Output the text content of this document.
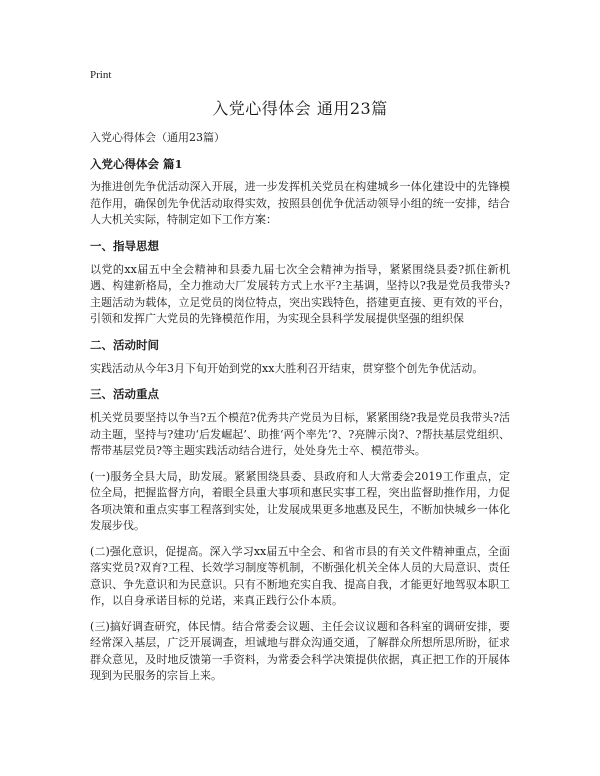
Print
入党心得体会 通用23篇

入党心得体会（通用23篇）

入党心得体会 篇1

为推进创先争优活动深入开展，进一步发挥机关党员在构建城乡一体化建设中的先锋模范作用，确保创先争优活动取得实效，按照县创优争优活动领导小组的统一安排，结合人大机关实际，特制定如下工作方案：

一、指导思想

以党的xx届五中全会精神和县委九届七次全会精神为指导，紧紧围绕县委?抓住新机遇、构建新格局，全力推动大厂发展转方式上水平?主基调，坚持以?我是党员我带头?主题活动为载体，立足党员的岗位特点，突出实践特色，搭建更直接、更有效的平台，引领和发挥广大党员的先锋模范作用，为实现全县科学发展提供坚强的组织保

二、活动时间

实践活动从今年3月下旬开始到党的xx大胜利召开结束，贯穿整个创先争优活动。

三、活动重点

机关党员要坚持以争当?五个模范?优秀共产党员为目标，紧紧围绕?我是党员我带头?活动主题，坚持与?建功‘后发崛起’、助推‘两个率先’?、?亮牌示岗?、?帮扶基层党组织、帮带基层党员?等主题实践活动结合进行，处处身先士卒、模范带头。

(一)服务全县大局，助发展。紧紧围绕县委、县政府和人大常委会2019工作重点，定位全局，把握监督方向，着眼全县重大事项和惠民实事工程，突出监督助推作用，力促各项决策和重点实事工程落到实处，让发展成果更多地惠及民生，不断加快城乡一体化发展步伐。

(二)强化意识，促提高。深入学习xx届五中全会、和省市县的有关文件精神重点，全面落实党员?双育?工程、长效学习制度等机制，不断强化机关全体人员的大局意识、责任意识、争先意识和为民意识。只有不断地充实自我、提高自我，才能更好地驾驭本职工作，以自身承诺目标的兑诺，来真正践行公仆本质。

(三)搞好调查研究，体民情。结合常委会议题、主任会议议题和各科室的调研安排，要经常深入基层，广泛开展调查，坦诚地与群众沟通交通，了解群众所想所思所盼，征求群众意见，及时地反馈第一手资料，为常委会科学决策提供依据，真正把工作的开展体现到为民服务的宗旨上来。
